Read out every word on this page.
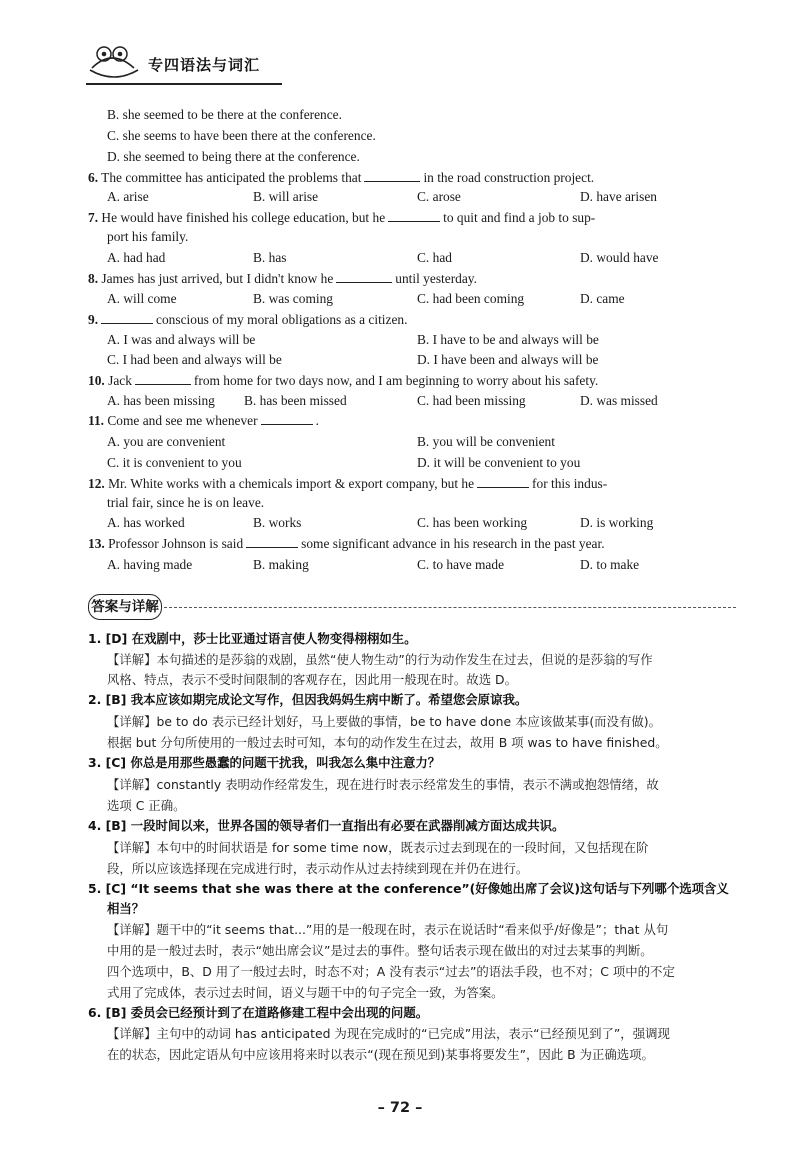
专四语法与词汇
B. she seemed to be there at the conference.
C. she seems to have been there at the conference.
D. she seemed to being there at the conference.
6. The committee has anticipated the problems that	in the road construction project.
A. arise	B. will arise	C. arose	D. have arisen
7. He would have finished his college education, but he	to quit and find a job to sup-
port his family.
A. had had	B. has	C. had	D. would have
8. James has just arrived, but I didn't know he	until yesterday.
A. will come	B. was coming	C. had been coming	D. came
9.	conscious of my moral obligations as a citizen.
A. I was and always will be	B. I have to be and always will be
C. I had been and always will be	D. I have been and always will be
10. Jack	from home for two days now, and I am beginning to worry about his safety.
A. has been missing B. has been missed	C. had been missing	D. was missed
11. Come and see me whenever	.
A. you are convenient	B. you will be convenient
C. it is convenient to you	D. it will be convenient to you
12. Mr. White works with a chemicals import & export company, but he	for this indus-
trial fair, since he is on leave.
A. has worked	B. works	C. has been working	D. is working
13. Professor Johnson is said	some significant advance in his research in the past year.
A. having made	B. making	C. to have made	D. to make
答案与详解
1. [D] 在戏剧中，莎士比亚通过语言使人物变得栩栩如生。
【详解】本句描述的是莎翁的戏剧，虽然“使人物生动”的行为动作发生在过去，但说的是莎翁的写作
风格、特点，表示不受时间限制的客观存在，因此用一般现在时。故选 D。
2. [B] 我本应该如期完成论文写作，但因我妈妈生病中断了。希望您会原谅我。
【详解】be to do 表示已经计划好，马上要做的事情，be to have done 本应该做某事(而没有做)。
根据 but 分句所使用的一般过去时可知，本句的动作发生在过去，故用 B 项 was to have finished。
3. [C] 你总是用那些愚蠢的问题干扰我，叫我怎么集中注意力？
【详解】constantly 表明动作经常发生，现在进行时表示经常发生的事情，表示不满或抱怨情绪，故
选项 C 正确。
4. [B] 一段时间以来，世界各国的领导者们一直指出有必要在武器削减方面达成共识。
【详解】本句中的时间状语是 for some time now，既表示过去到现在的一段时间，又包括现在阶
段，所以应该选择现在完成进行时，表示动作从过去持续到现在并仍在进行。
5. [C] “It seems that she was there at the conference”(好像她出席了会议)这句话与下列哪个选项含义
相当？
【详解】题干中的“it seems that...”用的是一般现在时，表示在说话时“看来似乎/好像是”；that 从句
中用的是一般过去时，表示“她出席会议”是过去的事件。整句话表示现在做出的对过去某事的判断。
四个选项中，B、D 用了一般过去时，时态不对；A 没有表示“过去”的语法手段，也不对；C 项中的不定
式用了完成体，表示过去时间，语义与题干中的句子完全一致，为答案。
6. [B] 委员会已经预计到了在道路修建工程中会出现的问题。
【详解】主句中的动词 has anticipated 为现在完成时的“已完成”用法，表示“已经预见到了”，强调现
在的状态，因此定语从句中应该用将来时以表示“(现在预见到)某事将要发生”，因此 B 为正确选项。
– 72 –
